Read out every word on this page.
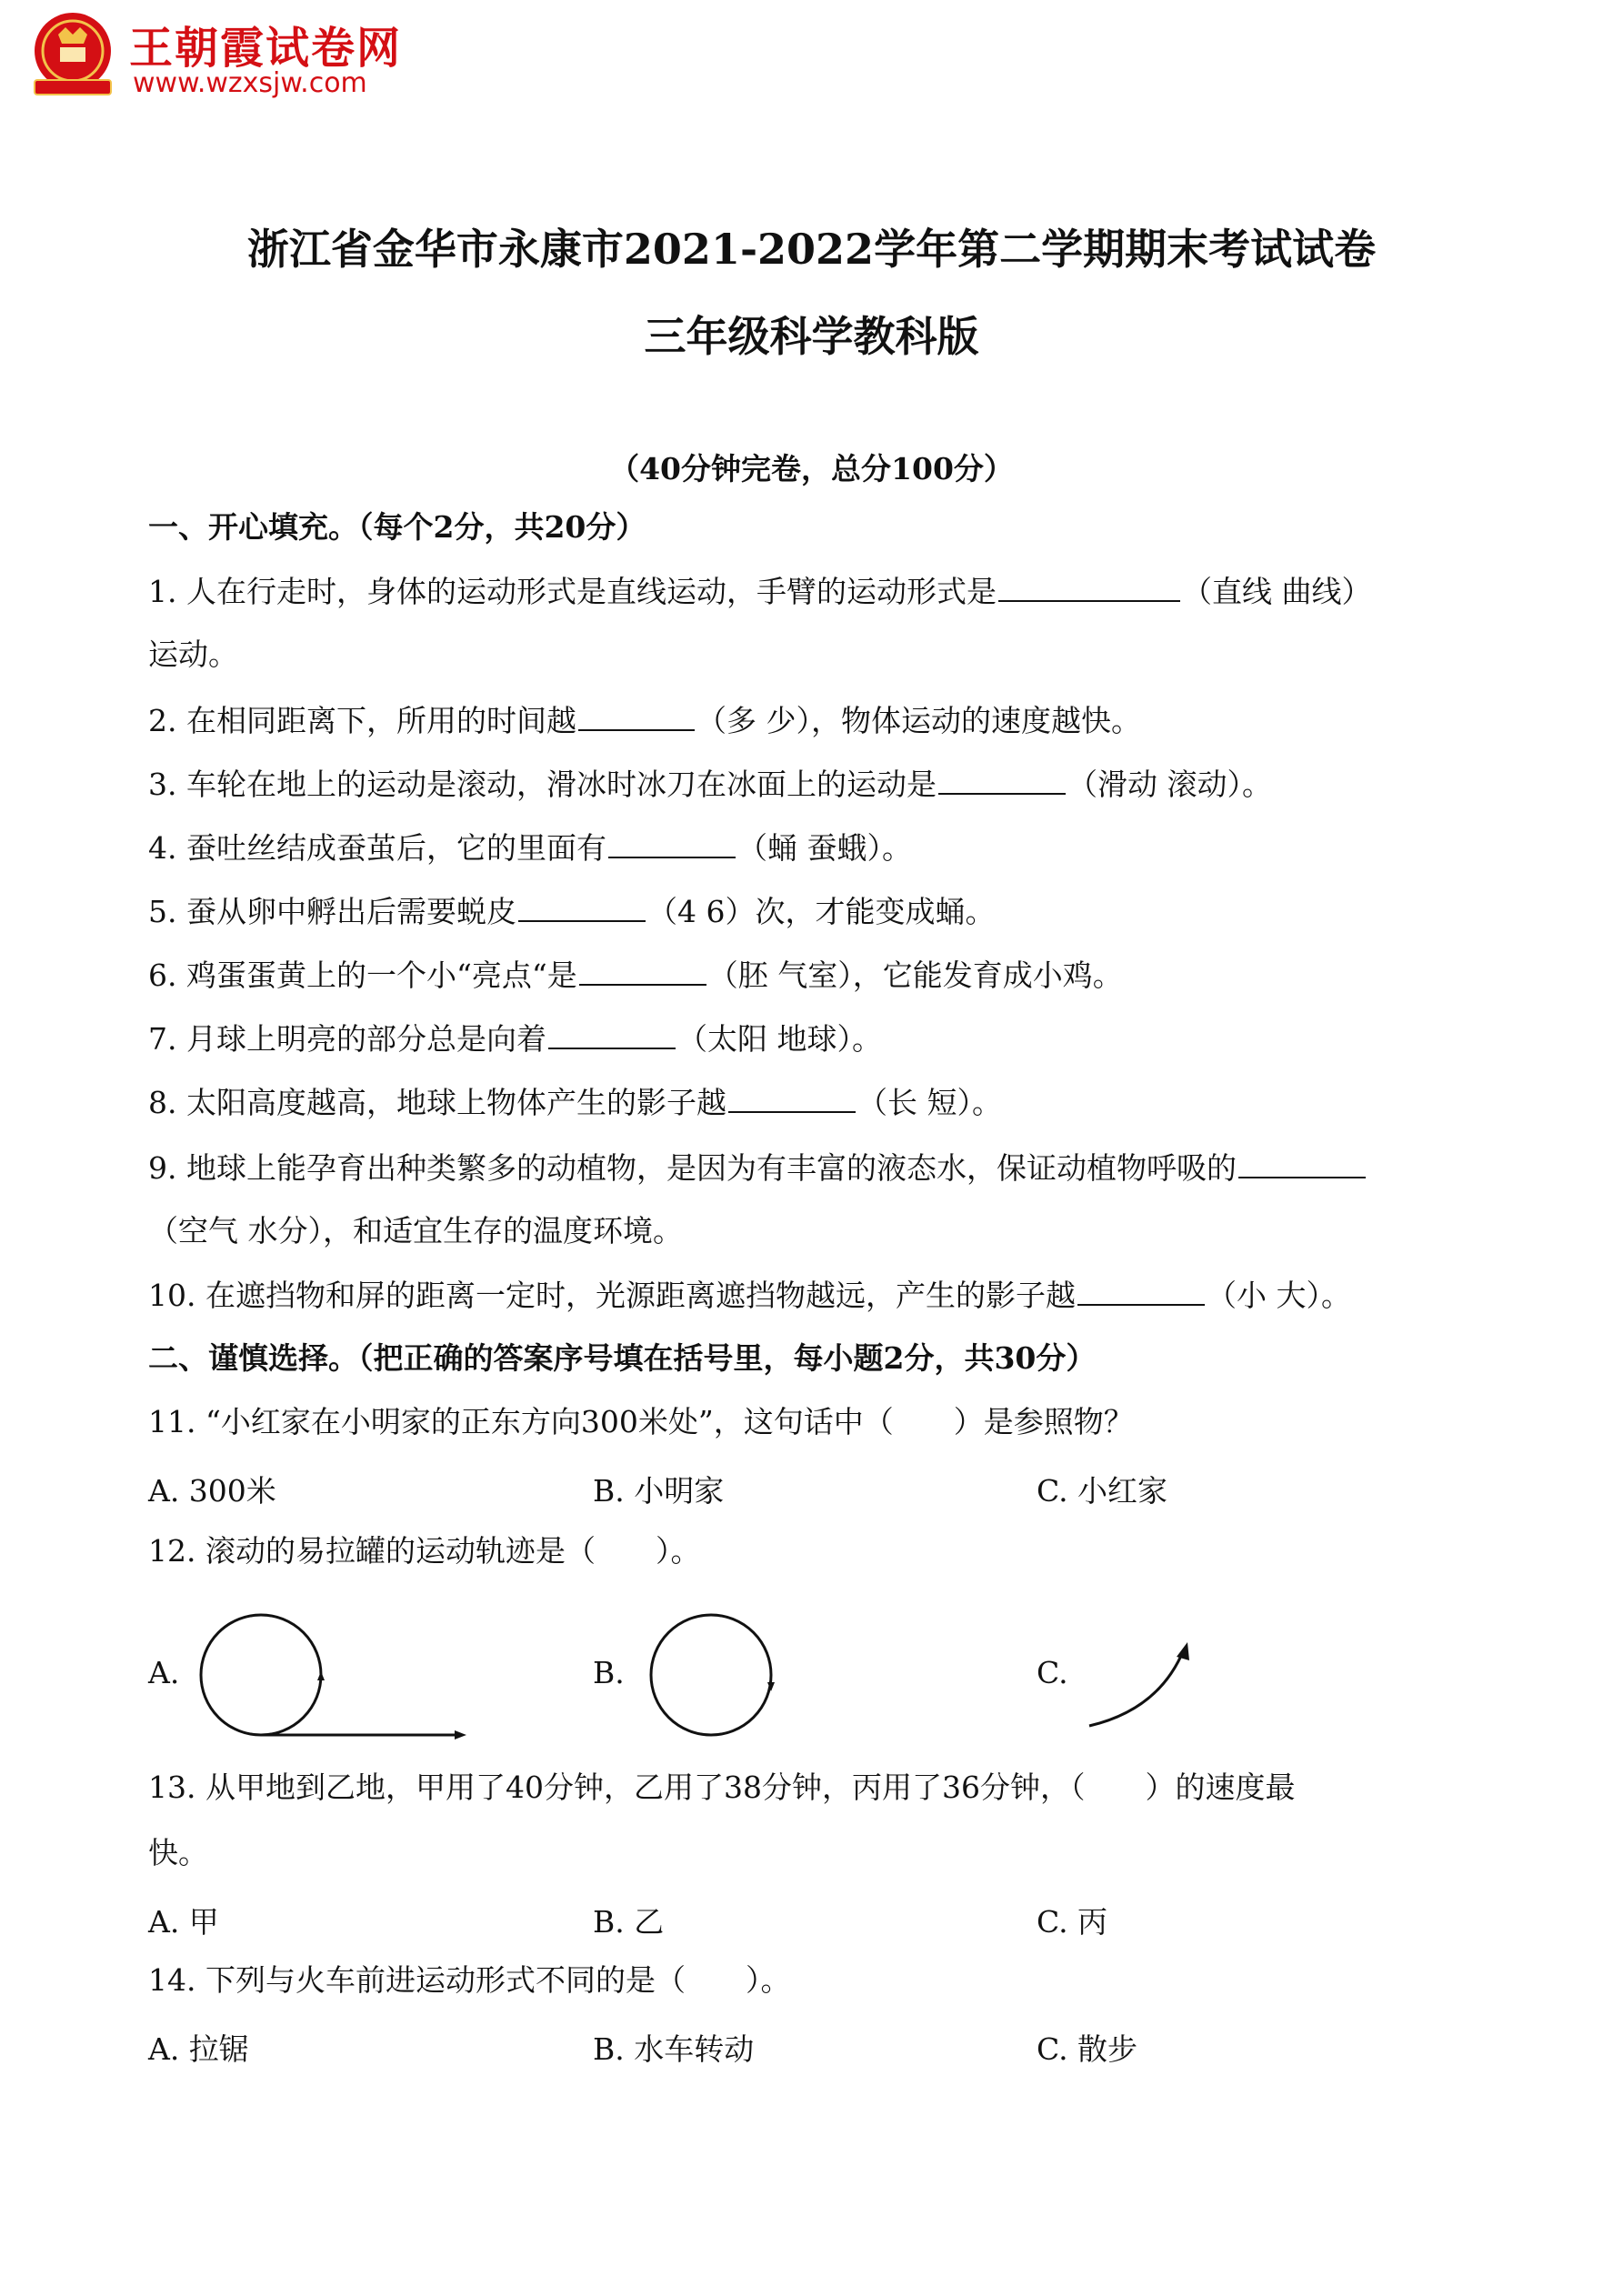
王朝霞试卷网
www.wzxsjw.com
浙江省金华市永康市2021-2022学年第二学期期末考试试卷
三年级科学教科版
（40分钟完卷，总分100分）
一、开心填充。（每个2分，共20分）
1. 人在行走时，身体的运动形式是直线运动，手臂的运动形式是	（直线 曲线）
运动。
2. 在相同距离下，所用的时间越	（多 少），物体运动的速度越快。
3. 车轮在地上的运动是滚动，滑冰时冰刀在冰面上的运动是	（滑动 滚动）。
4. 蚕吐丝结成蚕茧后，它的里面有	（蛹 蚕蛾）。
5. 蚕从卵中孵出后需要蜕皮	（4 6）次，才能变成蛹。
6. 鸡蛋蛋黄上的一个小“亮点“是	（胚 气室），它能发育成小鸡。
7. 月球上明亮的部分总是向着	（太阳 地球）。
8. 太阳高度越高，地球上物体产生的影子越	（长 短）。
9. 地球上能孕育出种类繁多的动植物，是因为有丰富的液态水，保证动植物呼吸的
（空气 水分），和适宜生存的温度环境。
10. 在遮挡物和屏的距离一定时，光源距离遮挡物越远，产生的影子越	（小 大）。
二、谨慎选择。（把正确的答案序号填在括号里，每小题2分，共30分）
11. “小红家在小明家的正东方向300米处”，这句话中（ ）是参照物？
A. 300米	B. 小明家	C. 小红家
12. 滚动的易拉罐的运动轨迹是（ ）。
A.	B.	C.
13. 从甲地到乙地，甲用了40分钟，乙用了38分钟，丙用了36分钟，（ ）的速度最
快。
A. 甲	B. 乙	C. 丙
14. 下列与火车前进运动形式不同的是（ ）。
A. 拉锯	B. 水车转动	C. 散步
